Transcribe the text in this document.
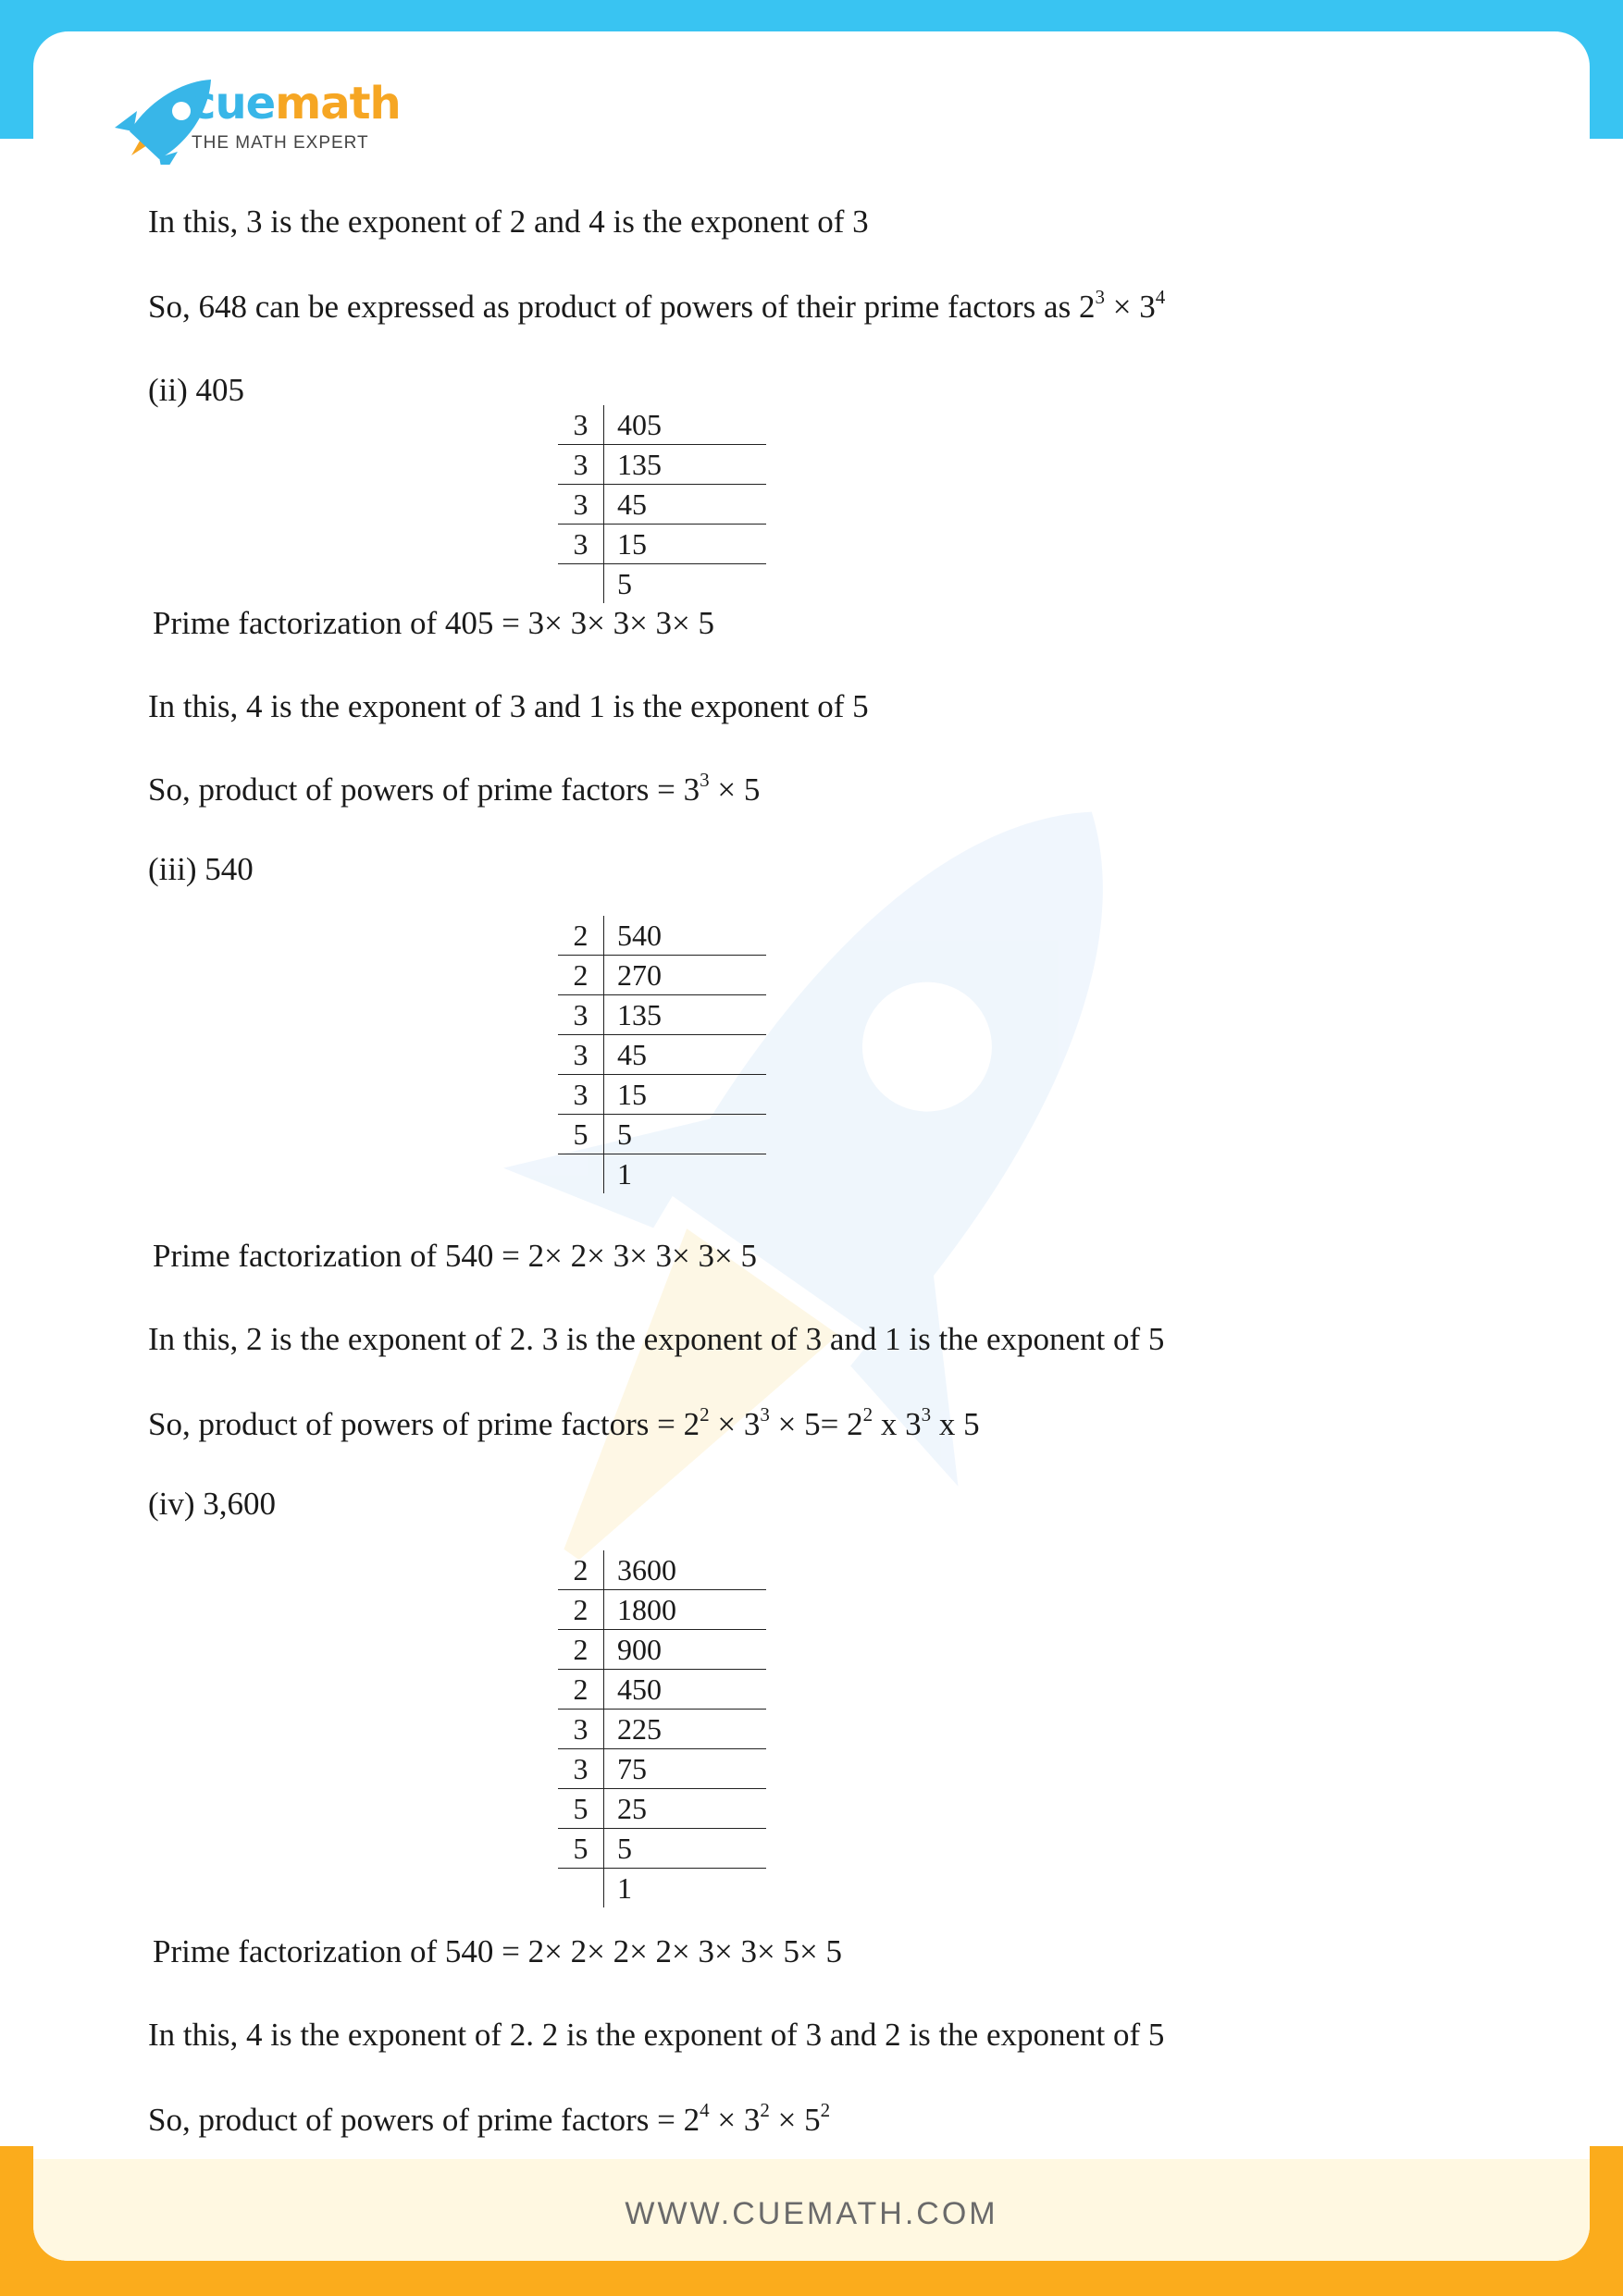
cuemath
THE MATH EXPERT
In this, 3 is the exponent of 2 and 4 is the exponent of 3
So, 648 can be expressed as product of powers of their prime factors as $2^3 \times 3^4$
(ii) 405
3	405
3	135
3	45
3	15
	5
Prime factorization of 405 = 3× 3× 3× 3× 5
In this, 4 is the exponent of 3 and 1 is the exponent of 5
So, product of powers of prime factors = $3^3 \times 5$
(iii) 540
2	540
2	270
3	135
3	45
3	15
5	5
	1
Prime factorization of 540 = 2× 2× 3× 3× 3× 5
In this, 2 is the exponent of 2. 3 is the exponent of 3 and 1 is the exponent of 5
So, product of powers of prime factors = $2^2 \times 3^3 \times 5= 2^2$ x $3^3$ x 5
(iv) 3,600
2	3600
2	1800
2	900
2	450
3	225
3	75
5	25
5	5
	1
Prime factorization of 540 = 2× 2× 2× 2× 3× 3× 5× 5
In this, 4 is the exponent of 2. 2 is the exponent of 3 and 2 is the exponent of 5
So, product of powers of prime factors = $2^4 \times 3^2 \times 5^2$
WWW.CUEMATH.COM
